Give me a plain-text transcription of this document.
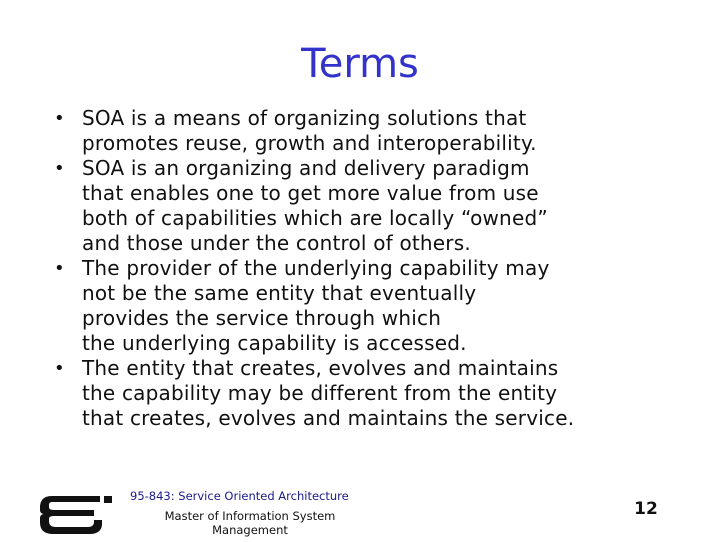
Terms
• SOA is a means of organizing solutions that
promotes reuse, growth and interoperability.
• SOA is an organizing and delivery paradigm
that enables one to get more value from use
both of capabilities which are locally “owned”
and those under the control of others.
• The provider of the underlying capability may
not be the same entity that eventually
provides the service through which
the underlying capability is accessed.
• The entity that creates, evolves and maintains
the capability may be different from the entity
that creates, evolves and maintains the service.
95-843: Service Oriented Architecture
Master of Information System
Management
12
